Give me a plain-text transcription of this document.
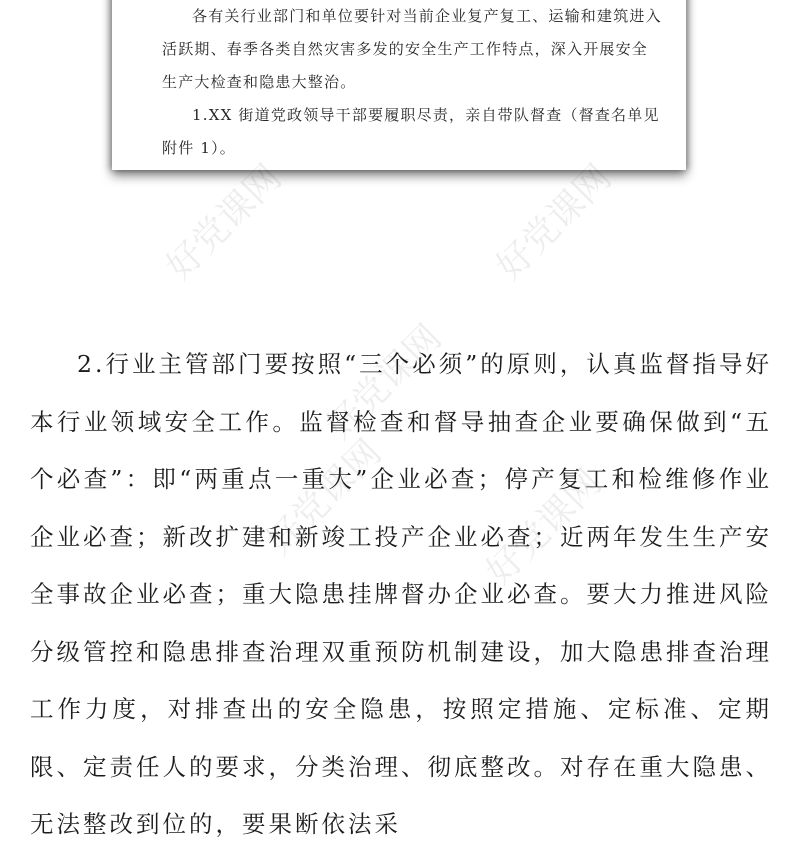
各有关行业部门和单位要针对当前企业复产复工、运输和建筑进入活跃期、春季各类自然灾害多发的安全生产工作特点，深入开展安全生产大检查和隐患大整治。

1.XX 街道党政领导干部要履职尽责，亲自带队督查（督查名单见附件 1）。

好党课网	好党课网
好党课网
好党课网 好党课网

2.行业主管部门要按照“三个必须”的原则，认真监督指导好本行业领域安全工作。监督检查和督导抽查企业要确保做到“五个必查”：即“两重点一重大”企业必查；停产复工和检维修作业企业必查；新改扩建和新竣工投产企业必查；近两年发生生产安全事故企业必查；重大隐患挂牌督办企业必查。要大力推进风险分级管控和隐患排查治理双重预防机制建设，加大隐患排查治理工作力度，对排查出的安全隐患，按照定措施、定标准、定期限、定责任人的要求，分类治理、彻底整改。对存在重大隐患、无法整改到位的，要果断依法采
